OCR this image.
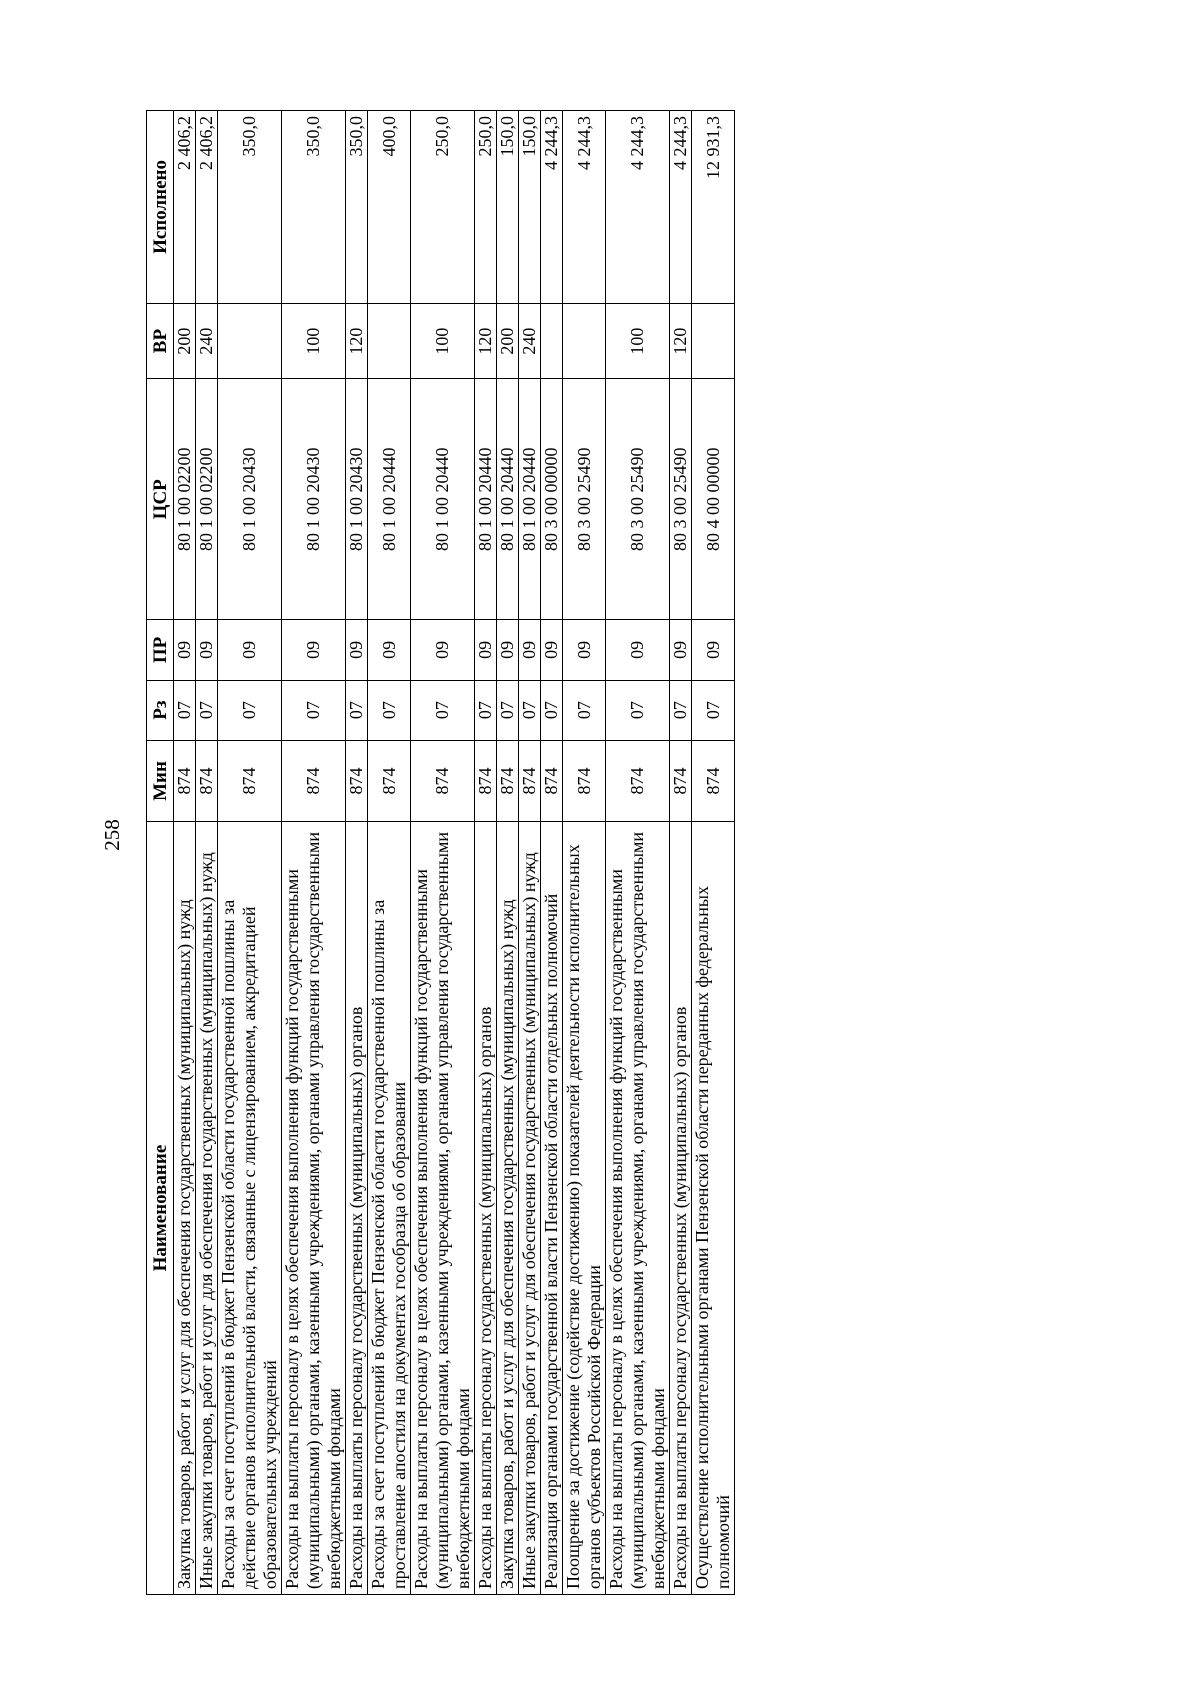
258
Наименование	Мин	Рз	ПР	ЦСР	ВР	Исполнено
Закупка товаров, работ и услуг для обеспечения государственных (муниципальных) нужд	874	07	09	80 1 00 02200	200	2 406,2
Иные закупки товаров, работ и услуг для обеспечения государственных (муниципальных) нужд	874	07	09	80 1 00 02200	240	2 406,2
Расходы за счет поступлений в бюджет Пензенской области государственной пошлины за действие органов исполнительной власти, связанные с лицензированием, аккредитацией образовательных учреждений	874	07	09	80 1 00 20430		350,0
Расходы на выплаты персоналу в целях обеспечения выполнения функций государственными (муниципальными) органами, казенными учреждениями, органами управления государственными внебюджетными фондами	874	07	09	80 1 00 20430	100	350,0
Расходы на выплаты персоналу государственных (муниципальных) органов	874	07	09	80 1 00 20430	120	350,0
Расходы за счет поступлений в бюджет Пензенской области государственной пошлины за проставление апостиля на документах гособразца об образовании	874	07	09	80 1 00 20440		400,0
Расходы на выплаты персоналу в целях обеспечения выполнения функций государственными (муниципальными) органами, казенными учреждениями, органами управления государственными внебюджетными фондами	874	07	09	80 1 00 20440	100	250,0
Расходы на выплаты персоналу государственных (муниципальных) органов	874	07	09	80 1 00 20440	120	250,0
Закупка товаров, работ и услуг для обеспечения государственных (муниципальных) нужд	874	07	09	80 1 00 20440	200	150,0
Иные закупки товаров, работ и услуг для обеспечения государственных (муниципальных) нужд	874	07	09	80 1 00 20440	240	150,0
Реализация органами государственной власти Пензенской области отдельных полномочий	874	07	09	80 3 00 00000		4 244,3
Поощрение за достижение (содействие достижению) показателей деятельности исполнительных органов субъектов Российской Федерации	874	07	09	80 3 00 25490		4 244,3
Расходы на выплаты персоналу в целях обеспечения выполнения функций государственными (муниципальными) органами, казенными учреждениями, органами управления государственными внебюджетными фондами	874	07	09	80 3 00 25490	100	4 244,3
Расходы на выплаты персоналу государственных (муниципальных) органов	874	07	09	80 3 00 25490	120	4 244,3
Осуществление исполнительными органами Пензенской области переданных федеральных полномочий	874	07	09	80 4 00 00000		12 931,3
